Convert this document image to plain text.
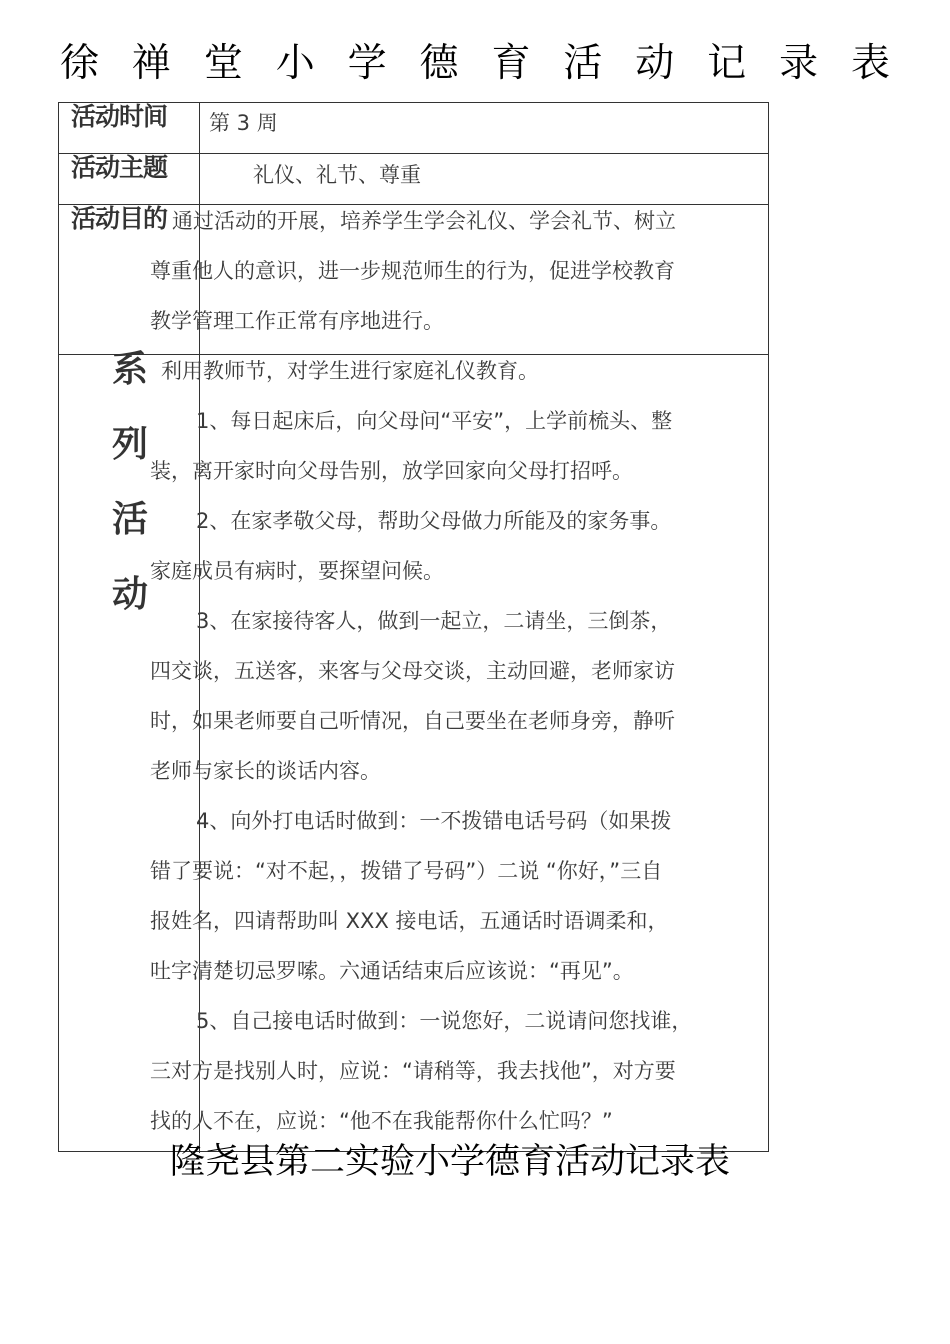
徐 禅 堂 小 学 德 育 活 动 记 录 表
活动时间 第 3 周
活动主题	礼仪、礼节、尊重
活动目的 通过活动的开展，培养学生学会礼仪、学会礼节、树立
尊重他人的意识，进一步规范师生的行为，促进学校教育
教学管理工作正常有序地进行。
系
列
活
动
利用教师节，对学生进行家庭礼仪教育。
1、每日起床后，向父母问“平安”，上学前梳头、整
装，离开家时向父母告别，放学回家向父母打招呼。
2、在家孝敬父母，帮助父母做力所能及的家务事。
家庭成员有病时，要探望问候。
3、在家接待客人，做到一起立，二请坐，三倒茶，
四交谈，五送客，来客与父母交谈，主动回避，老师家访
时，如果老师要自己听情况，自己要坐在老师身旁，静听
老师与家长的谈话内容。
4、向外打电话时做到：一不拨错电话号码（如果拨
错了要说：“对不起，，拨错了号码”）二说 “你好，”三自
报姓名，四请帮助叫 XXX 接电话，五通话时语调柔和，
吐字清楚切忌罗嗦。六通话结束后应该说：“再见”。
5、自己接电话时做到：一说您好，二说请问您找谁，
三对方是找别人时，应说：“请稍等，我去找他”，对方要
找的人不在，应说：“他不在我能帮你什么忙吗？”
隆尧县第二实验小学德育活动记录表
